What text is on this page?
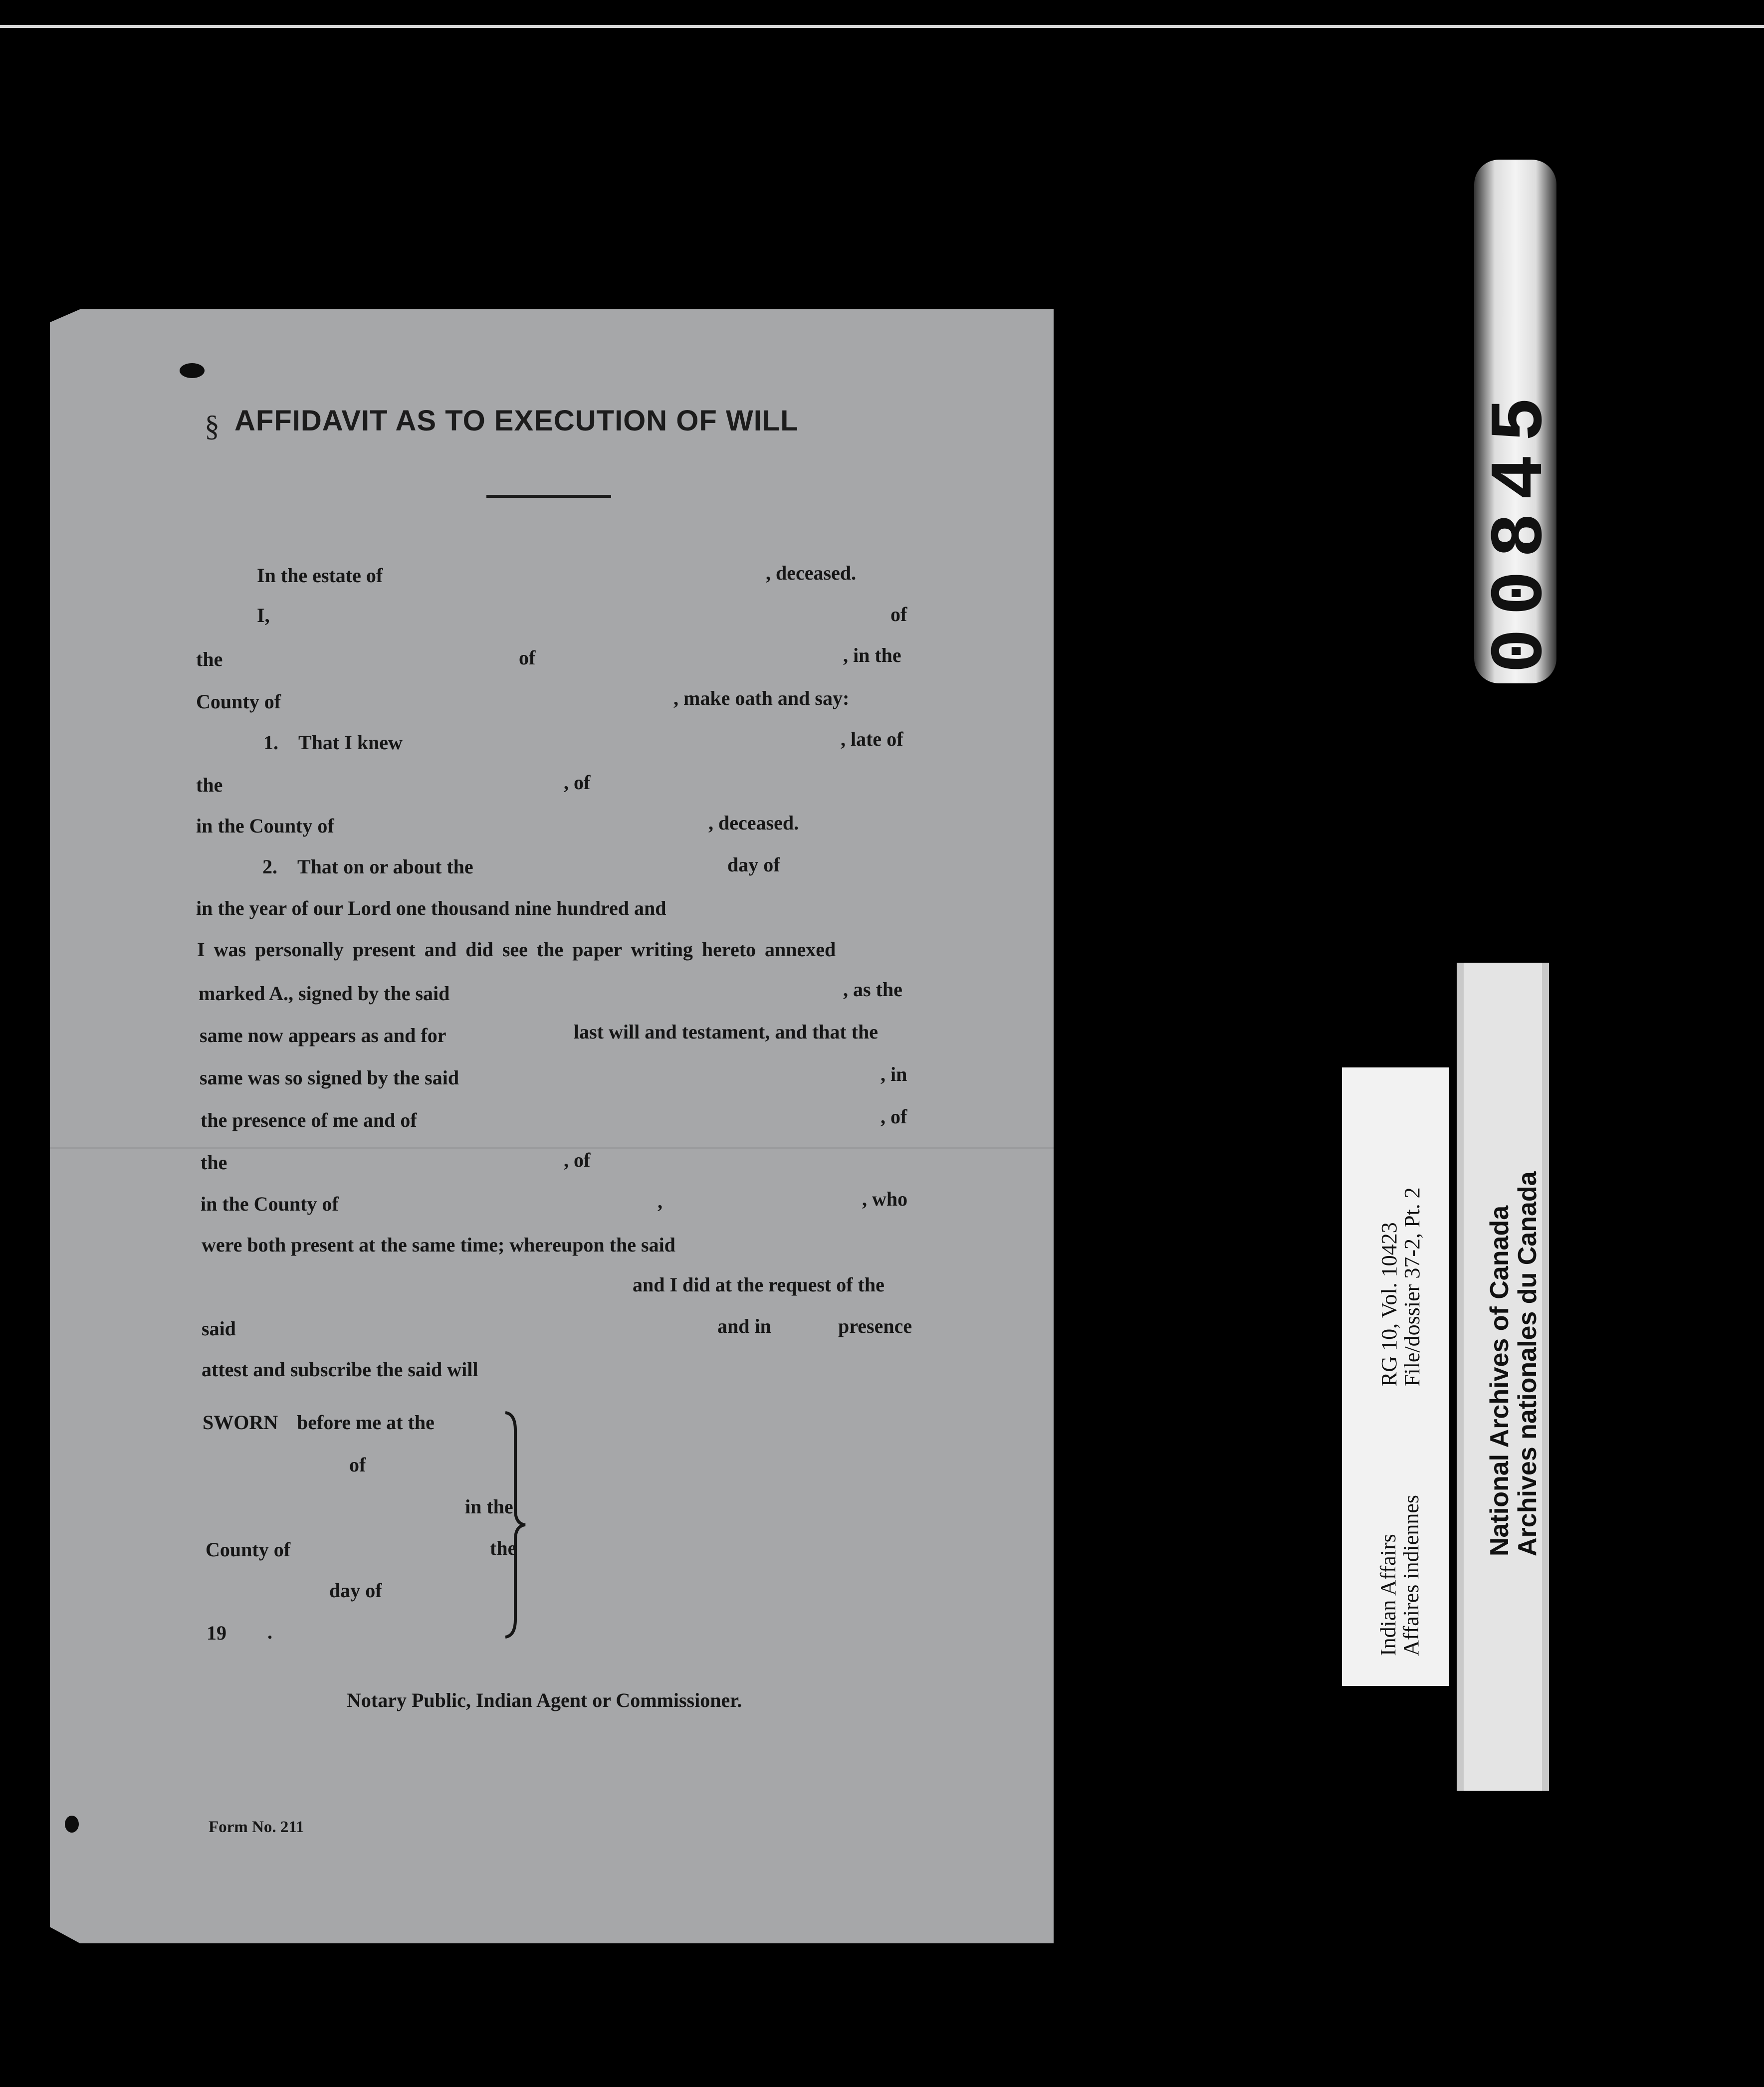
§ AFFIDAVIT AS TO EXECUTION OF WILL
In the estate of	, deceased.
I,	of
the	of	, in the
County of	, make oath and say:
1. That I knew	, late of
the	, of
in the County of	, deceased.
2. That on or about the	day of
in the year of our Lord one thousand nine hundred and
I was personally present and did see the paper writing hereto annexed
marked A., signed by the said	, as the
same now appears as and for	last will and testament, and that the
same was so signed by the said	, in
the presence of me and of	, of
the	, of
in the County of	,	, who
were both present at the same time; whereupon the said
and I did at the request of the
said	and in	presence
attest and subscribe the said will
SWORN before me at the
of
in the
County of	the
day of
19 .
Notary Public, Indian Agent or Commissioner.
Form No. 211
00845
Indian Affairs
Affaires indiennes
RG 10, Vol. 10423
File/dossier 37-2, Pt. 2 National Archives of Canada
Archives nationales du Canada
